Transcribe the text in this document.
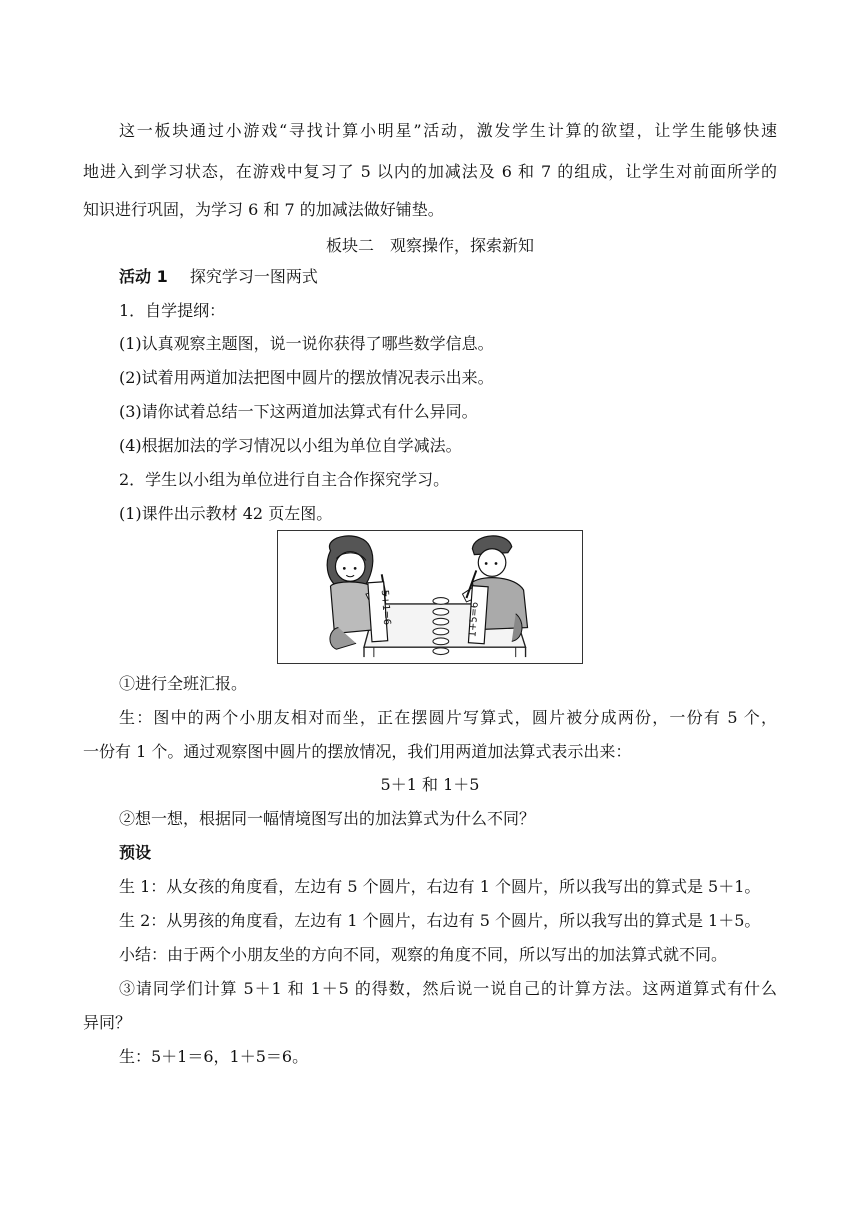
这一板块通过小游戏“寻找计算小明星”活动，激发学生计算的欲望，让学生能够快速
地进入到学习状态，在游戏中复习了 5 以内的加减法及 6 和 7 的组成，让学生对前面所学的
知识进行巩固，为学习 6 和 7 的加减法做好铺垫。
板块二　观察操作，探索新知
活动 1 探究学习一图两式
1．自学提纲：
(1)认真观察主题图，说一说你获得了哪些数学信息。
(2)试着用两道加法把图中圆片的摆放情况表示出来。
(3)请你试着总结一下这两道加法算式有什么异同。
(4)根据加法的学习情况以小组为单位自学减法。
2．学生以小组为单位进行自主合作探究学习。
(1)课件出示教材 42 页左图。
5+1=6	1+5=6
①进行全班汇报。
生：图中的两个小朋友相对而坐，正在摆圆片写算式，圆片被分成两份，一份有 5 个，
一份有 1 个。通过观察图中圆片的摆放情况，我们用两道加法算式表示出来：
5＋1 和 1＋5
②想一想，根据同一幅情境图写出的加法算式为什么不同？
预设
生 1：从女孩的角度看，左边有 5 个圆片，右边有 1 个圆片，所以我写出的算式是 5＋1。
生 2：从男孩的角度看，左边有 1 个圆片，右边有 5 个圆片，所以我写出的算式是 1＋5。
小结：由于两个小朋友坐的方向不同，观察的角度不同，所以写出的加法算式就不同。
③请同学们计算 5＋1 和 1＋5 的得数，然后说一说自己的计算方法。这两道算式有什么
异同？
生：5＋1＝6，1＋5＝6。
